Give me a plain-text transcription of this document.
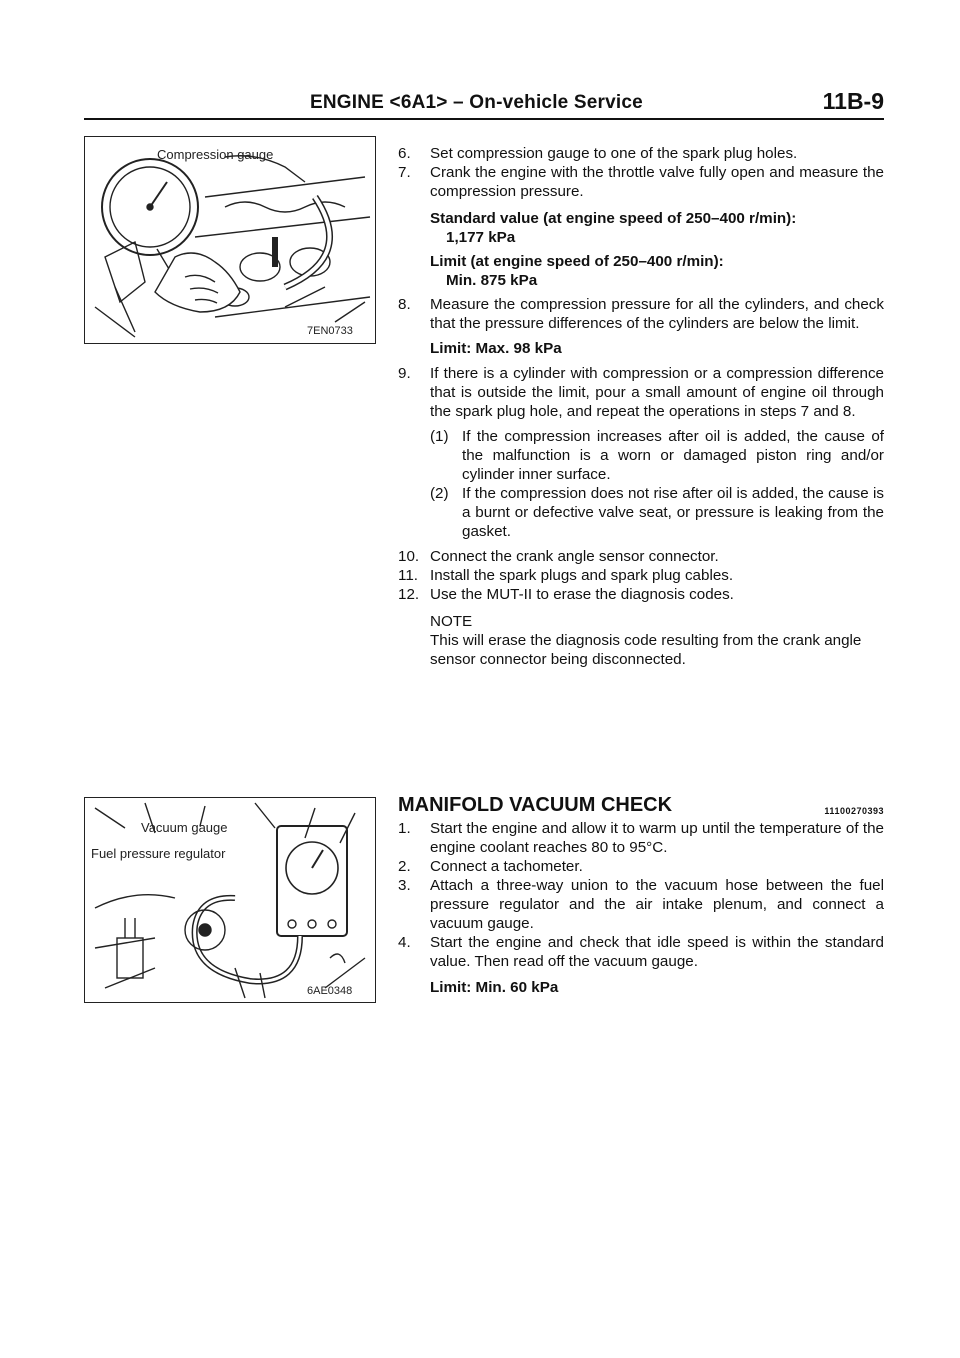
ENGINE <6A1> – On-vehicle Service	11B-9
Compression gauge
7EN0733
Vacuum gauge
Fuel pressure regulator
6AE0348

6. Set compression gauge to one of the spark plug holes.

7. Crank the engine with the throttle valve fully open and measure the compression pressure.

Standard value (at engine speed of 250–400 r/min):
1,177 kPa
Limit (at engine speed of 250–400 r/min):
Min. 875 kPa

8. Measure the compression pressure for all the cylinders, and check that the pressure differences of the cylinders are below the limit.

Limit: Max. 98 kPa

9. If there is a cylinder with compression or a compression difference that is outside the limit, pour a small amount of engine oil through the spark plug hole, and repeat the operations in steps 7 and 8.

(1) If the compression increases after oil is added, the cause of the malfunction is a worn or damaged piston ring and/or cylinder inner surface.

(2) If the compression does not rise after oil is added, the cause is a burnt or defective valve seat, or pressure is leaking from the gasket.

10. Connect the crank angle sensor connector.

11. Install the spark plugs and spark plug cables.

12. Use the MUT-II to erase the diagnosis codes.

NOTE
This will erase the diagnosis code resulting from the crank angle sensor connector being disconnected.
MANIFOLD VACUUM CHECK	11100270393

1. Start the engine and allow it to warm up until the temperature of the engine coolant reaches 80 to 95°C.

2. Connect a tachometer.

3. Attach a three-way union to the vacuum hose between the fuel pressure regulator and the air intake plenum, and connect a vacuum gauge.

4. Start the engine and check that idle speed is within the standard value. Then read off the vacuum gauge.

Limit: Min. 60 kPa
